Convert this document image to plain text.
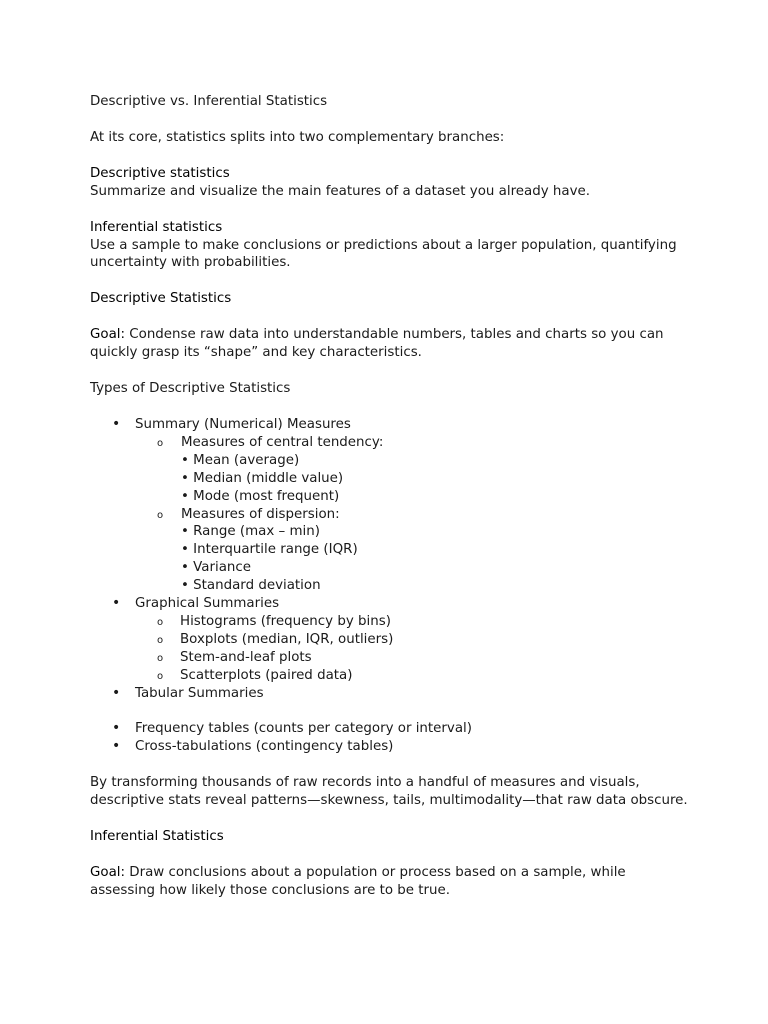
Descriptive vs. Inferential Statistics

At its core, statistics splits into two complementary branches:

Descriptive statistics

Summarize and visualize the main features of a dataset you already have.

Inferential statistics

Use a sample to make conclusions or predictions about a larger population, quantifying uncertainty with probabilities.

Descriptive Statistics

Goal: Condense raw data into understandable numbers, tables and charts so you can quickly grasp its “shape” and key characteristics.

Types of Descriptive Statistics

• Summary (Numerical) Measures
o Measures of central tendency:
• Mean (average)
• Median (middle value)
• Mode (most frequent)
o Measures of dispersion:
• Range (max – min)
• Interquartile range (IQR)
• Variance
• Standard deviation
• Graphical Summaries
o Histograms (frequency by bins)
o Boxplots (median, IQR, outliers)
o Stem-and-leaf plots
o Scatterplots (paired data)
• Tabular Summaries
• Frequency tables (counts per category or interval)
• Cross-tabulations (contingency tables)

By transforming thousands of raw records into a handful of measures and visuals, descriptive stats reveal patterns—skewness, tails, multimodality—that raw data obscure.

Inferential Statistics

Goal: Draw conclusions about a population or process based on a sample, while assessing how likely those conclusions are to be true.
